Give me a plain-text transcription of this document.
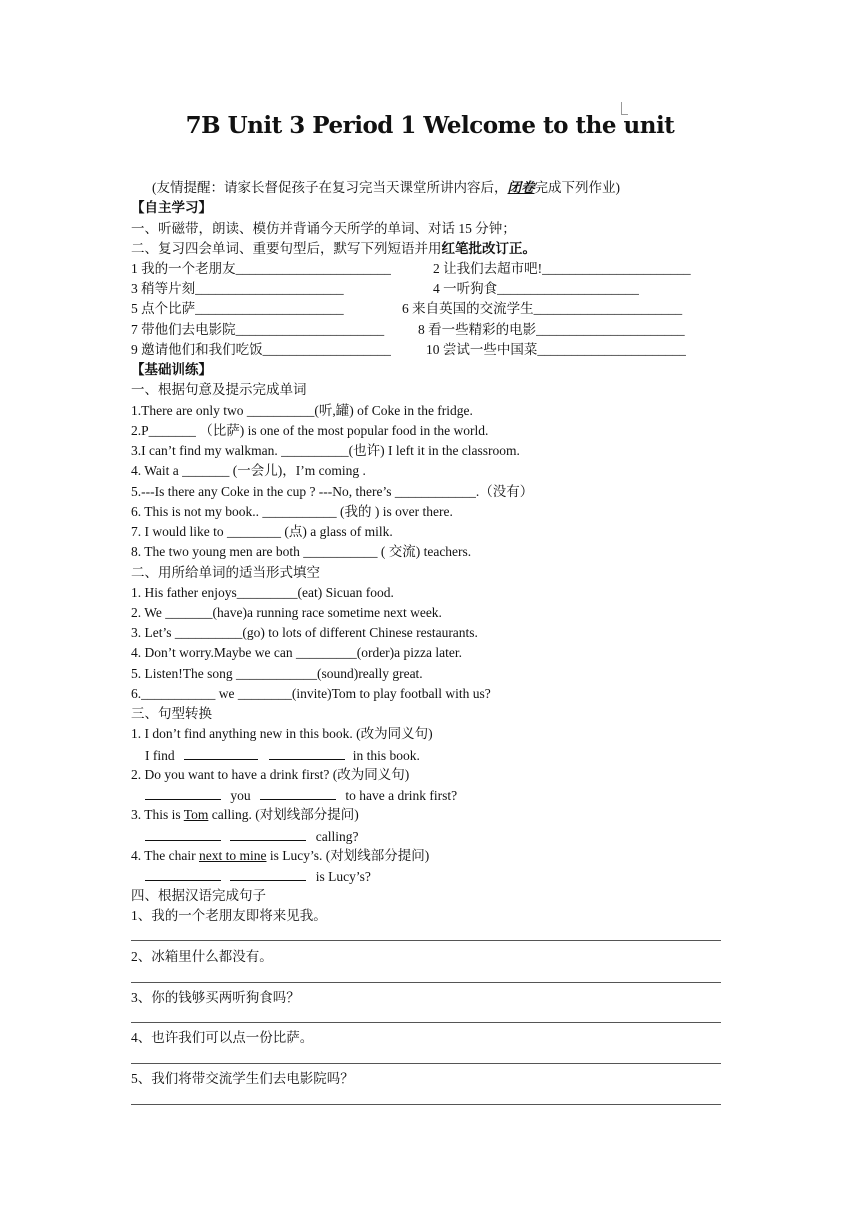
7B Unit 3 Period 1 Welcome to the unit
(友情提醒：请家长督促孩子在复习完当天课堂所讲内容后，闭卷完成下列作业)
【自主学习】
一、听磁带，朗读、模仿并背诵今天所学的单词、对话 15 分钟；
二、复习四会单词、重要句型后，默写下列短语并用红笔批改订正。
1 我的一个老朋友_______________________	2 让我们去超市吧!______________________
3 稍等片刻______________________	4 一听狗食_____________________
5 点个比萨______________________	6 来自英国的交流学生______________________
7 带他们去电影院______________________	8 看一些精彩的电影______________________
9 邀请他们和我们吃饭___________________	10 尝试一些中国菜______________________
【基础训练】
一、根据句意及提示完成单词
1.There are only two __________(听,罐) of Coke in the fridge.
2.P_______ （比萨) is one of the most popular food in the world.
3.I can’t find my walkman. __________(也许) I left it in the classroom.
4. Wait a _______ (一会儿)，I’m coming .
5.---Is there any Coke in the cup ? ---No, there’s ____________.（没有）
6. This is not my book.. ___________ (我的 ) is over there.
7. I would like to ________ (点) a glass of milk.
8. The two young men are both ___________ ( 交流) teachers.
二、用所给单词的适当形式填空
1. His father enjoys_________(eat) Sicuan food.
2. We _______(have)a running race sometime next week.
3. Let’s __________(go) to lots of different Chinese restaurants.
4. Don’t worry.Maybe we can _________(order)a pizza later.
5. Listen!The song ____________(sound)really great.
6.___________ we ________(invite)Tom to play football with us?
三、句型转换
1. I don’t find anything new in this book. (改为同义句)
I find	in this book.
2. Do you want to have a drink first? (改为同义句)
you	to have a drink first?
3. This is Tom calling. (对划线部分提问)
calling?
4. The chair next to mine is Lucy’s. (对划线部分提问)
is Lucy’s?
四、根据汉语完成句子
1、我的一个老朋友即将来见我。
2、冰箱里什么都没有。
3、你的钱够买两听狗食吗？
4、也许我们可以点一份比萨。
5、我们将带交流学生们去电影院吗？
